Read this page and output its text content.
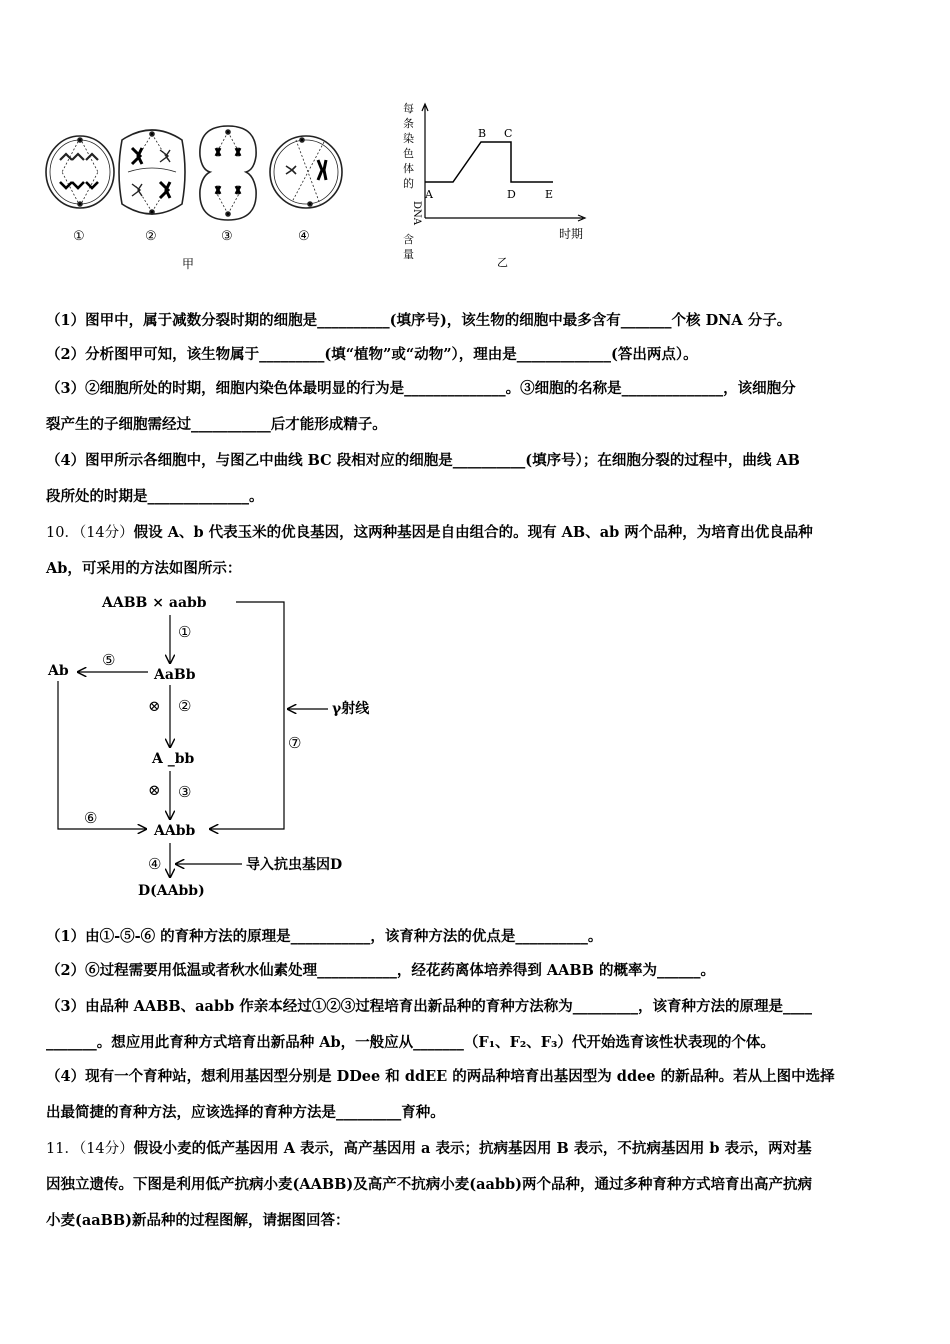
①	②	③	④
甲
每
条
染
色
体
的
DNA
含
量
A
B C
D	E
时期
乙
（1）图甲中，属于减数分裂时期的细胞是__________(填序号)，该生物的细胞中最多含有_______个核 DNA 分子。
（2）分析图甲可知，该生物属于_________(填“植物”或“动物”），理由是_____________(答出两点）。
（3）②细胞所处的时期，细胞内染色体最明显的行为是______________。③细胞的名称是______________，该细胞分
裂产生的子细胞需经过___________后才能形成精子。
（4）图甲所示各细胞中，与图乙中曲线 BC 段相对应的细胞是__________(填序号）；在细胞分裂的过程中，曲线 AB
段所处的时期是______________。
10．（14分）假设 A、b 代表玉米的优良基因，这两种基因是自由组合的。现有 AB、ab 两个品种，为培育出优良品种
Ab，可采用的方法如图所示：
AABB × aabb
AaBb
Ab
A _bb
AAbb
D(AAbb)
γ射线
导入抗虫基因D
①
⑤
⊗ ②
⑦
⊗ ③
⑥
④
（1）由①-⑤-⑥ 的育种方法的原理是___________，该育种方法的优点是__________。
（2）⑥过程需要用低温或者秋水仙素处理___________，经花药离体培养得到 AABB 的概率为______。
（3）由品种 AABB、aabb 作亲本经过①②③过程培育出新品种的育种方法称为_________，该育种方法的原理是____
_______。想应用此育种方式培育出新品种 Ab，一般应从_______（F₁、F₂、F₃）代开始选育该性状表现的个体。
（4）现有一个育种站，想利用基因型分别是 DDee 和 ddEE 的两品种培育出基因型为 ddee 的新品种。若从上图中选择
出最简捷的育种方法，应该选择的育种方法是_________育种。
11．（14分）假设小麦的低产基因用 A 表示，高产基因用 a 表示；抗病基因用 B 表示，不抗病基因用 b 表示，两对基
因独立遗传。下图是利用低产抗病小麦(AABB)及高产不抗病小麦(aabb)两个品种，通过多种育种方式培育出高产抗病
小麦(aaBB)新品种的过程图解，请据图回答：
